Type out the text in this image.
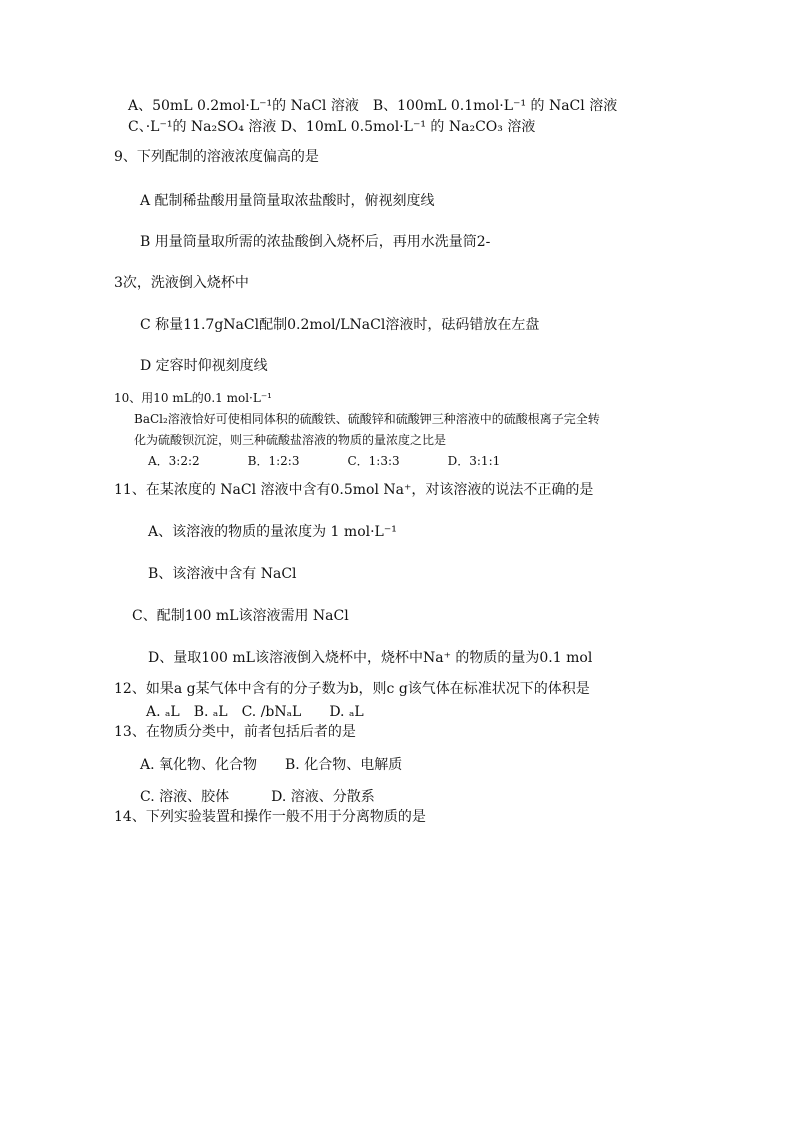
A、50mL 0.2mol·L⁻¹的 NaCl 溶液　B、100mL 0.1mol·L⁻¹ 的 NaCl 溶液
C、·L⁻¹的 Na₂SO₄ 溶液 D、10mL 0.5mol·L⁻¹ 的 Na₂CO₃ 溶液
9、下列配制的溶液浓度偏高的是
A 配制稀盐酸用量筒量取浓盐酸时，俯视刻度线
B 用量筒量取所需的浓盐酸倒入烧杯后，再用水洗量筒2-
3次，洗液倒入烧杯中
C 称量11.7gNaCl配制0.2mol/LNaCl溶液时，砝码错放在左盘
D 定容时仰视刻度线
10、用10 mL的0.1 mol·L⁻¹
BaCl₂溶液恰好可使相同体积的硫酸铁、硫酸锌和硫酸钾三种溶液中的硫酸根离子完全转
化为硫酸钡沉淀，则三种硫酸盐溶液的物质的量浓度之比是
A．3:2:2　　　　B．1:2:3　　　　C．1:3:3　　　　D．3:1:1
11、在某浓度的 NaCl 溶液中含有0.5mol Na⁺，对该溶液的说法不正确的是
A、该溶液的物质的量浓度为 1 mol·L⁻¹
B、该溶液中含有 NaCl
C、配制100 mL该溶液需用 NaCl
D、量取100 mL该溶液倒入烧杯中，烧杯中Na⁺ 的物质的量为0.1 mol
12、如果a g某气体中含有的分子数为b，则c g该气体在标准状况下的体积是
A. ₐL　B. ₐL　C. /bNₐL　　D. ₐL
13、在物质分类中，前者包括后者的是
A. 氧化物、化合物　　B. 化合物、电解质
C. 溶液、胶体　　　D. 溶液、分散系
14、下列实验装置和操作一般不用于分离物质的是
